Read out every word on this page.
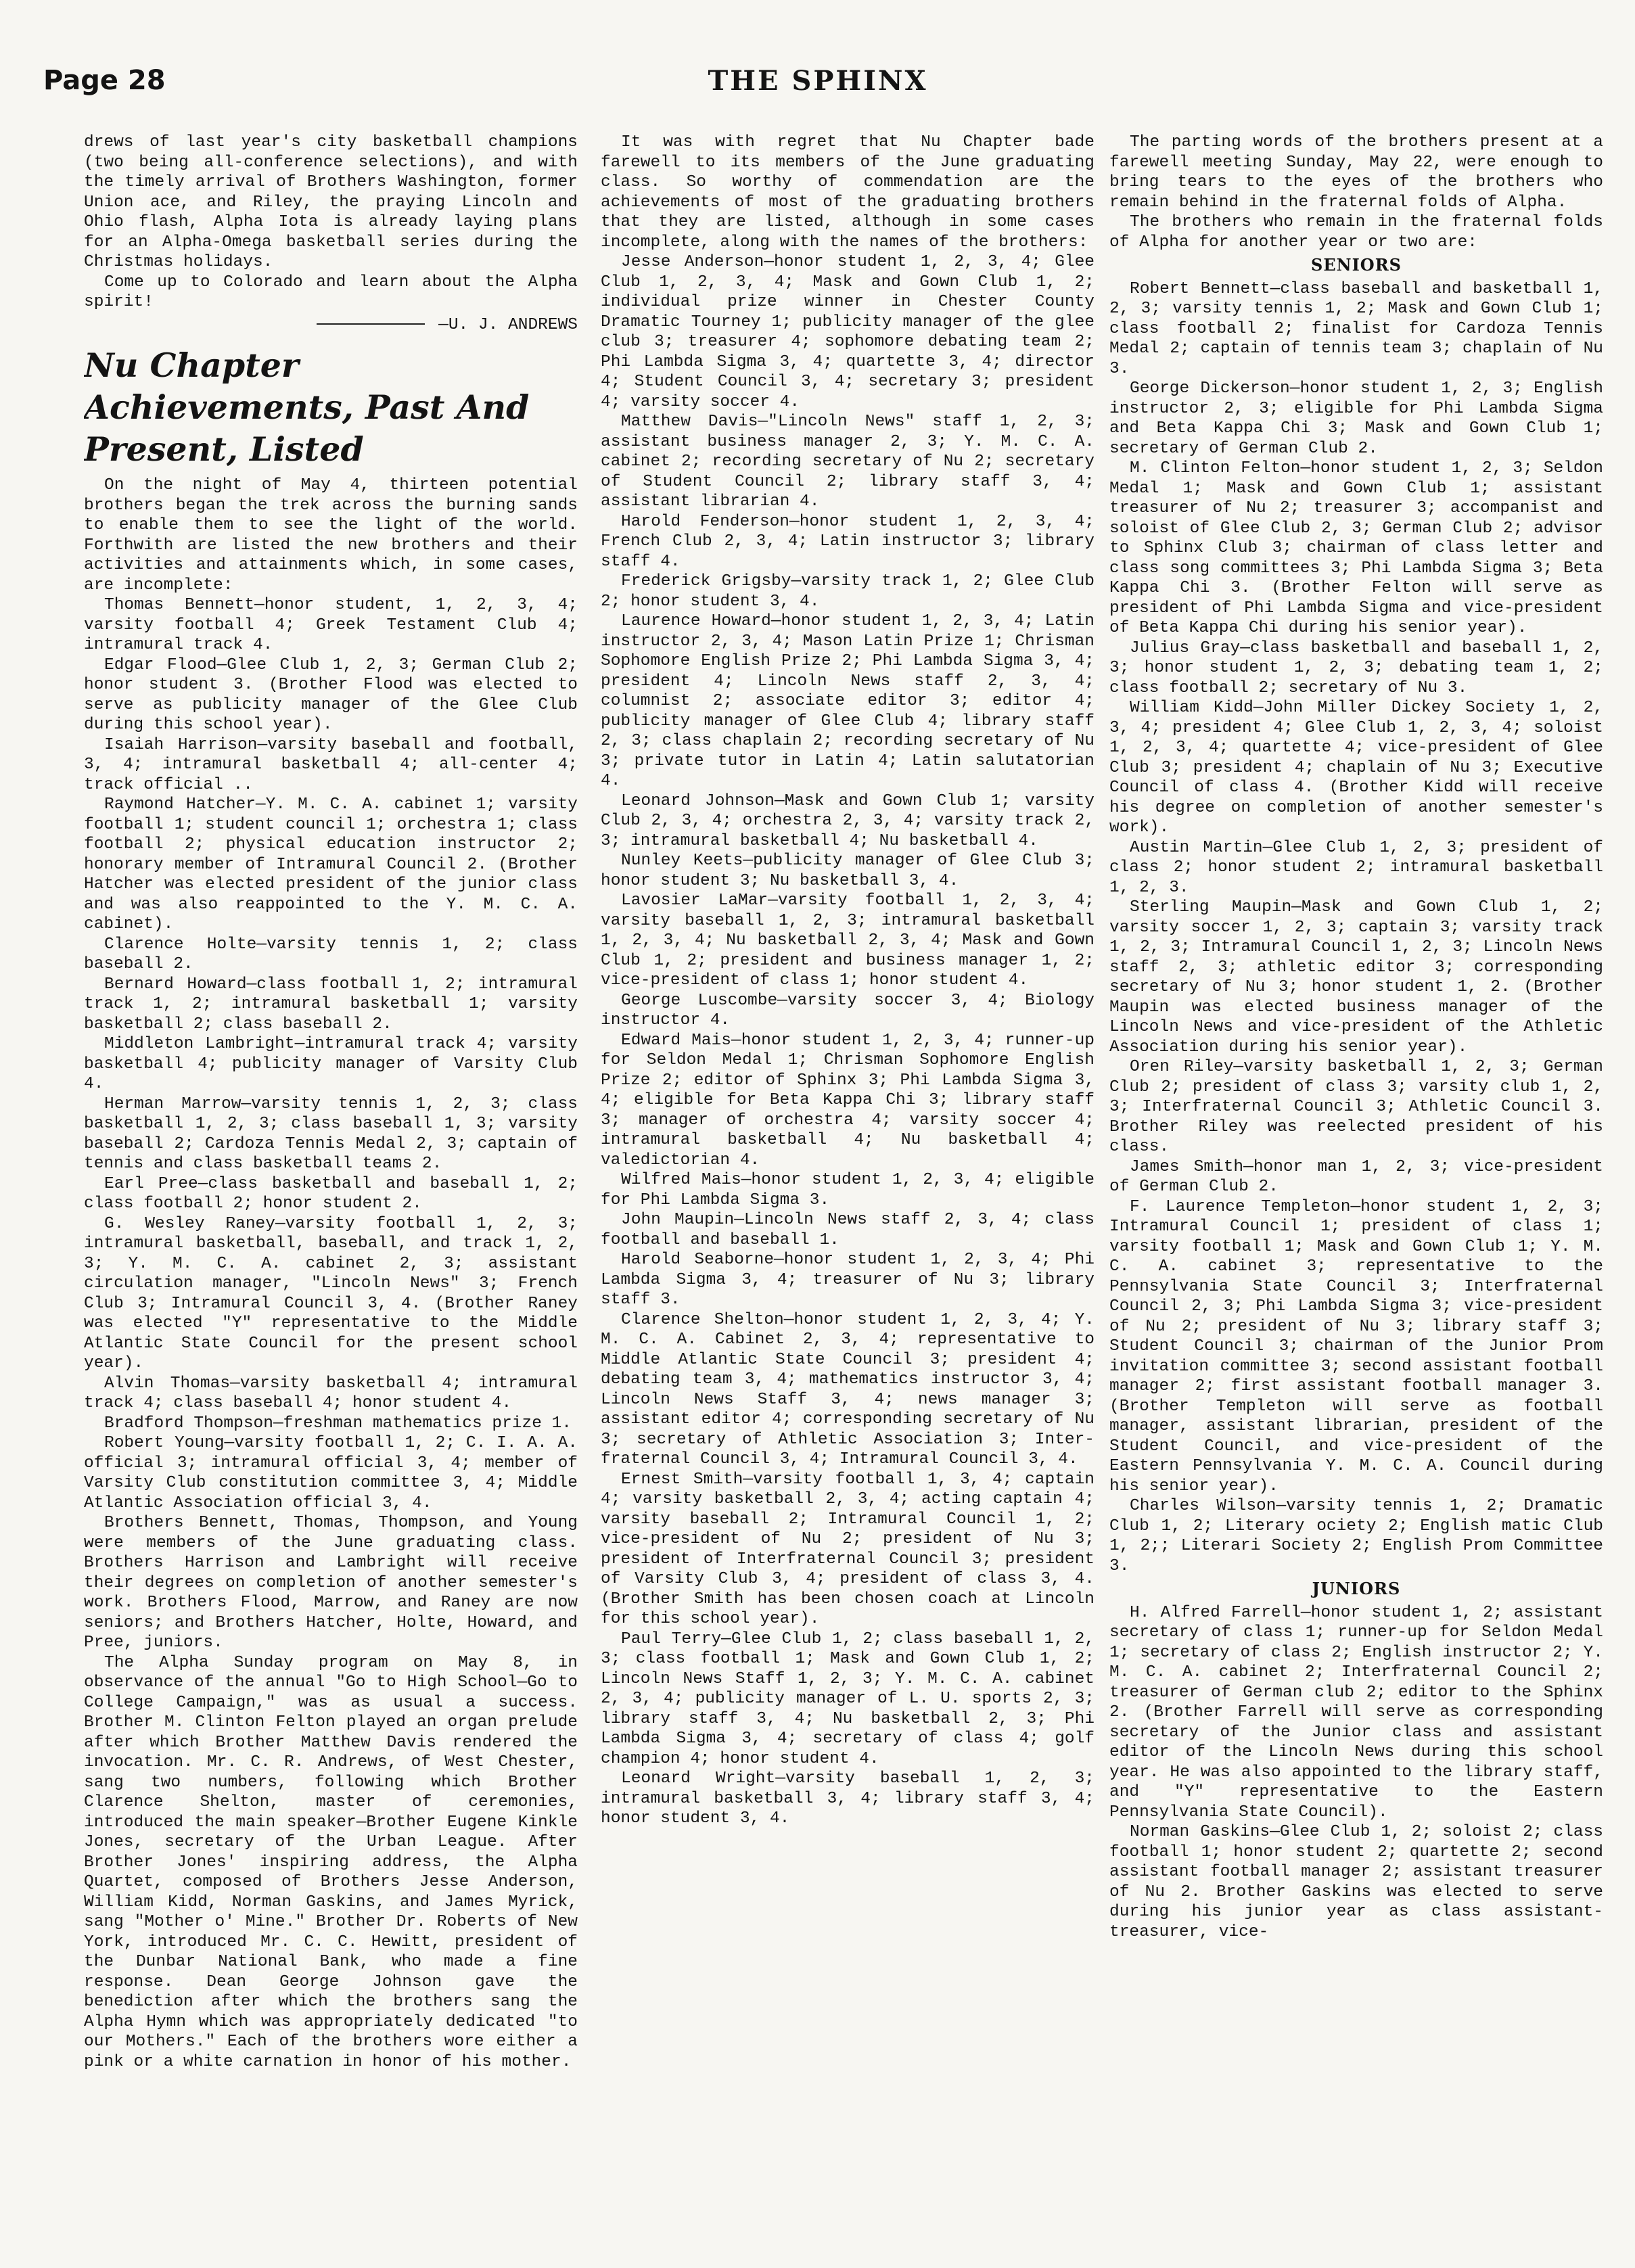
Page 28	THE SPHINX

drews of last year's city basketball champions (two being all-conference selections), and with the timely arrival of Brothers Washington, former Union ace, and Riley, the praying Lincoln and Ohio flash, Alpha Iota is already laying plans for an Alpha-Omega basketball series during the Christmas holidays.

Come up to Colorado and learn about the Alpha spirit!

—U. J. ANDREWS
Nu Chapter Achievements, Past And Present, Listed

On the night of May 4, thirteen potential brothers began the trek across the burning sands to enable them to see the light of the world. Forthwith are listed the new brothers and their activities and attainments which, in some cases, are incomplete:

Thomas Bennett—honor student, 1, 2, 3, 4; varsity football 4; Greek Testament Club 4; intramural track 4.

Edgar Flood—Glee Club 1, 2, 3; German Club 2; honor student 3. (Brother Flood was elected to serve as publicity manager of the Glee Club during this school year).

Isaiah Harrison—varsity baseball and football, 3, 4; intramural basketball 4; all-center 4; track official ..

Raymond Hatcher—Y. M. C. A. cabinet 1; varsity football 1; student council 1; orchestra 1; class football 2; physical education instructor 2; honorary member of Intramural Council 2. (Brother Hatcher was elected president of the junior class and was also reappointed to the Y. M. C. A. cabinet).

Clarence Holte—varsity tennis 1, 2; class baseball 2.

Bernard Howard—class football 1, 2; intramural track 1, 2; intramural basketball 1; varsity basketball 2; class baseball 2.

Middleton Lambright—intramural track 4; varsity basketball 4; publicity manager of Varsity Club 4.

Herman Marrow—varsity tennis 1, 2, 3; class basketball 1, 2, 3; class baseball 1, 3; varsity baseball 2; Cardoza Tennis Medal 2, 3; captain of tennis and class basketball teams 2.

Earl Pree—class basketball and baseball 1, 2; class football 2; honor student 2.

G. Wesley Raney—varsity football 1, 2, 3; intramural basketball, baseball, and track 1, 2, 3; Y. M. C. A. cabinet 2, 3; assistant circulation manager, "Lincoln News" 3; French Club 3; Intramural Council 3, 4. (Brother Raney was elected "Y" representative to the Middle Atlantic State Council for the present school year).

Alvin Thomas—varsity basketball 4; intramural track 4; class baseball 4; honor student 4.

Bradford Thompson—freshman mathematics prize 1.

Robert Young—varsity football 1, 2; C. I. A. A. official 3; intramural official 3, 4; member of Varsity Club constitution committee 3, 4; Middle Atlantic Association official 3, 4.

Brothers Bennett, Thomas, Thompson, and Young were members of the June graduating class. Brothers Harrison and Lambright will receive their degrees on completion of another semester's work. Brothers Flood, Marrow, and Raney are now seniors; and Brothers Hatcher, Holte, Howard, and Pree, juniors.

The Alpha Sunday program on May 8, in observance of the annual "Go to High School—Go to College Campaign," was as usual a success. Brother M. Clinton Felton played an organ prelude after which Brother Matthew Davis rendered the invocation. Mr. C. R. Andrews, of West Chester, sang two numbers, following which Brother Clarence Shelton, master of ceremonies, introduced the main speaker—Brother Eugene Kinkle Jones, secretary of the Urban League. After Brother Jones' inspiring address, the Alpha Quartet, composed of Brothers Jesse Anderson, William Kidd, Norman Gaskins, and James Myrick, sang "Mother o' Mine." Brother Dr. Roberts of New York, introduced Mr. C. C. Hewitt, president of the Dunbar National Bank, who made a fine response. Dean George Johnson gave the benediction after which the brothers sang the Alpha Hymn which was appropriately dedicated "to our Mothers." Each of the brothers wore either a pink or a white carnation in honor of his mother.

It was with regret that Nu Chapter bade farewell to its members of the June graduating class. So worthy of commendation are the achievements of most of the graduating brothers that they are listed, although in some cases incomplete, along with the names of the brothers:

Jesse Anderson—honor student 1, 2, 3, 4; Glee Club 1, 2, 3, 4; Mask and Gown Club 1, 2; individual prize winner in Chester County Dramatic Tourney 1; publicity manager of the glee club 3; treasurer 4; sophomore debating team 2; Phi Lambda Sigma 3, 4; quartette 3, 4; director 4; Student Council 3, 4; secretary 3; president 4; varsity soccer 4.

Matthew Davis—"Lincoln News" staff 1, 2, 3; assistant business manager 2, 3; Y. M. C. A. cabinet 2; recording secretary of Nu 2; secretary of Student Council 2; library staff 3, 4; assistant librarian 4.

Harold Fenderson—honor student 1, 2, 3, 4; French Club 2, 3, 4; Latin instructor 3; library staff 4.

Frederick Grigsby—varsity track 1, 2; Glee Club 2; honor student 3, 4.

Laurence Howard—honor student 1, 2, 3, 4; Latin instructor 2, 3, 4; Mason Latin Prize 1; Chrisman Sophomore English Prize 2; Phi Lambda Sigma 3, 4; president 4; Lincoln News staff 2, 3, 4; columnist 2; associate editor 3; editor 4; publicity manager of Glee Club 4; library staff 2, 3; class chaplain 2; recording secretary of Nu 3; private tutor in Latin 4; Latin salutatorian 4.

Leonard Johnson—Mask and Gown Club 1; varsity Club 2, 3, 4; orchestra 2, 3, 4; varsity track 2, 3; intramural basketball 4; Nu basketball 4.

Nunley Keets—publicity manager of Glee Club 3; honor student 3; Nu basketball 3, 4.

Lavosier LaMar—varsity football 1, 2, 3, 4; varsity baseball 1, 2, 3; intramural basketball 1, 2, 3, 4; Nu basketball 2, 3, 4; Mask and Gown Club 1, 2; president and business manager 1, 2; vice-president of class 1; honor student 4.

George Luscombe—varsity soccer 3, 4; Biology instructor 4.

Edward Mais—honor student 1, 2, 3, 4; runner-up for Seldon Medal 1; Chrisman Sophomore English Prize 2; editor of Sphinx 3; Phi Lambda Sigma 3, 4; eligible for Beta Kappa Chi 3; library staff 3; manager of orchestra 4; varsity soccer 4; intramural basketball 4; Nu basketball 4; valedictorian 4.

Wilfred Mais—honor student 1, 2, 3, 4; eligible for Phi Lambda Sigma 3.

John Maupin—Lincoln News staff 2, 3, 4; class football and baseball 1.

Harold Seaborne—honor student 1, 2, 3, 4; Phi Lambda Sigma 3, 4; treasurer of Nu 3; library staff 3.

Clarence Shelton—honor student 1, 2, 3, 4; Y. M. C. A. Cabinet 2, 3, 4; representative to Middle Atlantic State Council 3; president 4; debating team 3, 4; mathematics instructor 3, 4; Lincoln News Staff 3, 4; news manager 3; assistant editor 4; corresponding secretary of Nu 3; secretary of Athletic Association 3; Inter-fraternal Council 3, 4; Intramural Council 3, 4.

Ernest Smith—varsity football 1, 3, 4; captain 4; varsity basketball 2, 3, 4; acting captain 4; varsity baseball 2; Intramural Council 1, 2; vice-president of Nu 2; president of Nu 3; president of Interfraternal Council 3; president of Varsity Club 3, 4; president of class 3, 4. (Brother Smith has been chosen coach at Lincoln for this school year).

Paul Terry—Glee Club 1, 2; class baseball 1, 2, 3; class football 1; Mask and Gown Club 1, 2; Lincoln News Staff 1, 2, 3; Y. M. C. A. cabinet 2, 3, 4; publicity manager of L. U. sports 2, 3; library staff 3, 4; Nu basketball 2, 3; Phi Lambda Sigma 3, 4; secretary of class 4; golf champion 4; honor student 4.

Leonard Wright—varsity baseball 1, 2, 3; intramural basketball 3, 4; library staff 3, 4; honor student 3, 4.

The parting words of the brothers present at a farewell meeting Sunday, May 22, were enough to bring tears to the eyes of the brothers who remain behind in the fraternal folds of Alpha.

The brothers who remain in the fraternal folds of Alpha for another year or two are:

SENIORS

Robert Bennett—class baseball and basketball 1, 2, 3; varsity tennis 1, 2; Mask and Gown Club 1; class football 2; finalist for Cardoza Tennis Medal 2; captain of tennis team 3; chaplain of Nu 3.

George Dickerson—honor student 1, 2, 3; English instructor 2, 3; eligible for Phi Lambda Sigma and Beta Kappa Chi 3; Mask and Gown Club 1; secretary of German Club 2.

M. Clinton Felton—honor student 1, 2, 3; Seldon Medal 1; Mask and Gown Club 1; assistant treasurer of Nu 2; treasurer 3; accompanist and soloist of Glee Club 2, 3; German Club 2; advisor to Sphinx Club 3; chairman of class letter and class song committees 3; Phi Lambda Sigma 3; Beta Kappa Chi 3. (Brother Felton will serve as president of Phi Lambda Sigma and vice-president of Beta Kappa Chi during his senior year).

Julius Gray—class basketball and baseball 1, 2, 3; honor student 1, 2, 3; debating team 1, 2; class football 2; secretary of Nu 3.

William Kidd—John Miller Dickey Society 1, 2, 3, 4; president 4; Glee Club 1, 2, 3, 4; soloist 1, 2, 3, 4; quartette 4; vice-president of Glee Club 3; president 4; chaplain of Nu 3; Executive Council of class 4. (Brother Kidd will receive his degree on completion of another semester's work).

Austin Martin—Glee Club 1, 2, 3; president of class 2; honor student 2; intramural basketball 1, 2, 3.

Sterling Maupin—Mask and Gown Club 1, 2; varsity soccer 1, 2, 3; captain 3; varsity track 1, 2, 3; Intramural Council 1, 2, 3; Lincoln News staff 2, 3; athletic editor 3; corresponding secretary of Nu 3; honor student 1, 2. (Brother Maupin was elected business manager of the Lincoln News and vice-president of the Athletic Association during his senior year).

Oren Riley—varsity basketball 1, 2, 3; German Club 2; president of class 3; varsity club 1, 2, 3; Interfraternal Council 3; Athletic Council 3. Brother Riley was reelected president of his class.

James Smith—honor man 1, 2, 3; vice-president of German Club 2.

F. Laurence Templeton—honor student 1, 2, 3; Intramural Council 1; president of class 1; varsity football 1; Mask and Gown Club 1; Y. M. C. A. cabinet 3; representative to the Pennsylvania State Council 3; Interfraternal Council 2, 3; Phi Lambda Sigma 3; vice-president of Nu 2; president of Nu 3; library staff 3; Student Council 3; chairman of the Junior Prom invitation committee 3; second assistant football manager 2; first assistant football manager 3. (Brother Templeton will serve as football manager, assistant librarian, president of the Student Council, and vice-president of the Eastern Pennsylvania Y. M. C. A. Council during his senior year).

Charles Wilson—varsity tennis 1, 2; Dramatic Club 1, 2; Literary ociety 2; English matic Club 1, 2;; Literari Society 2; English Prom Committee 3.

JUNIORS

H. Alfred Farrell—honor student 1, 2; assistant secretary of class 1; runner-up for Seldon Medal 1; secretary of class 2; English instructor 2; Y. M. C. A. cabinet 2; Interfraternal Council 2; treasurer of German club 2; editor to the Sphinx 2. (Brother Farrell will serve as corresponding secretary of the Junior class and assistant editor of the Lincoln News during this school year. He was also appointed to the library staff, and "Y" representative to the Eastern Pennsylvania State Council).

Norman Gaskins—Glee Club 1, 2; soloist 2; class football 1; honor student 2; quartette 2; second assistant football manager 2; assistant treasurer of Nu 2. Brother Gaskins was elected to serve during his junior year as class assistant-treasurer, vice-
